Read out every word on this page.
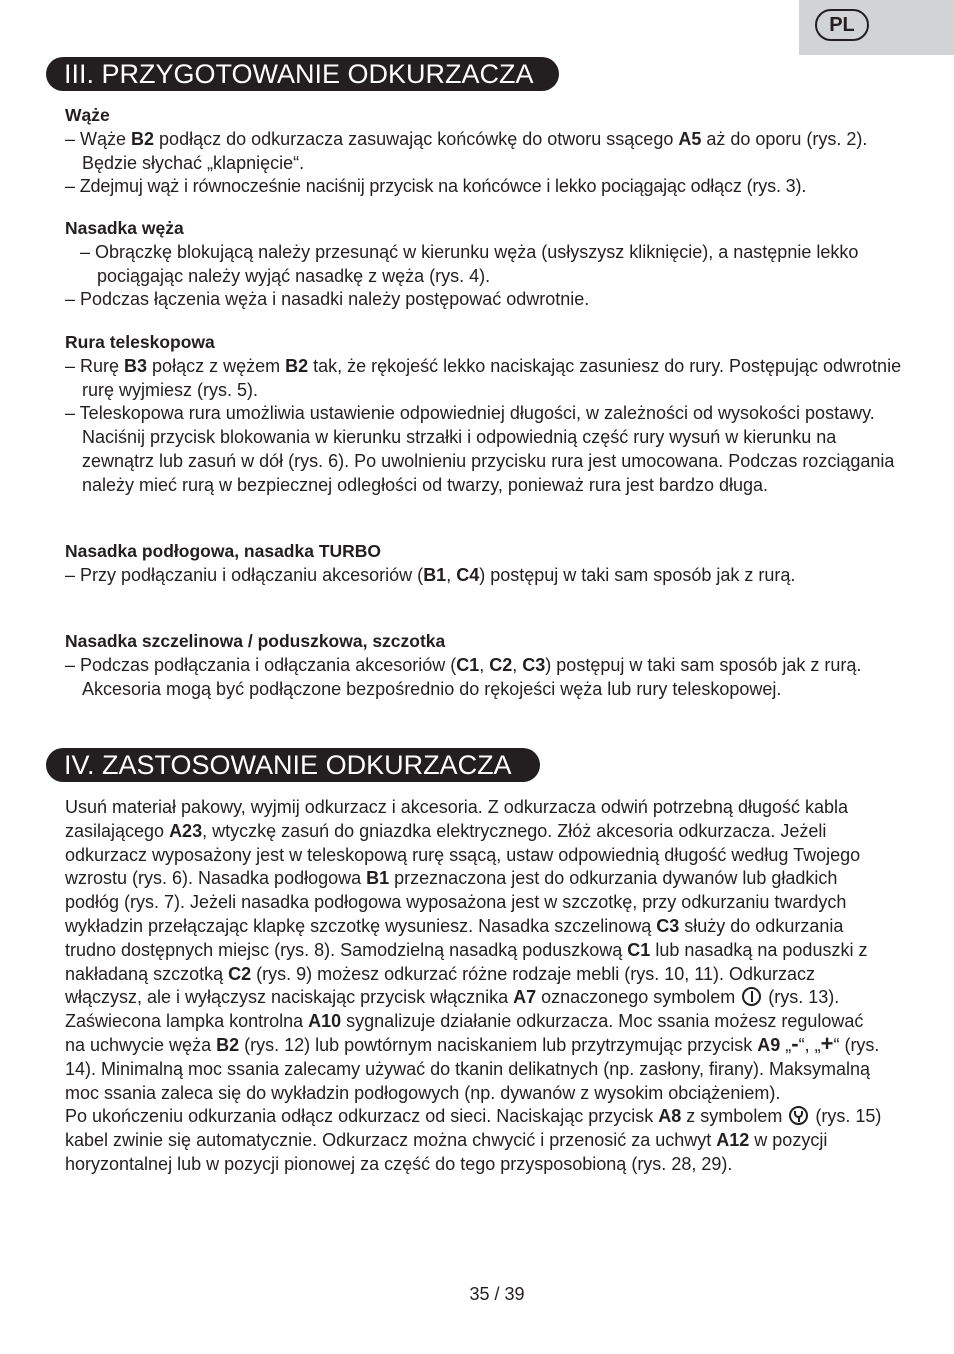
PL
III. PRZYGOTOWANIE ODKURZACZA

Wąże

– Wąże B2 podłącz do odkurzacza zasuwając końcówkę do otworu ssącego A5 aż do oporu (rys. 2). Będzie słychać „klapnięcie“.

– Zdejmuj wąż i równocześnie naciśnij przycisk na końcówce i lekko pociągając odłącz (rys. 3).

Nasadka węża

– Obrączkę blokującą należy przesunąć w kierunku węża (usłyszysz kliknięcie), a następnie lekko pociągając należy wyjąć nasadkę z węża (rys. 4).

– Podczas łączenia węża i nasadki należy postępować odwrotnie.

Rura teleskopowa

– Rurę B3 połącz z wężem B2 tak, że rękojeść lekko naciskając zasuniesz do rury. Postępując odwrotnie rurę wyjmiesz (rys. 5).

– Teleskopowa rura umożliwia ustawienie odpowiedniej długości, w zależności od wysokości postawy. Naciśnij przycisk blokowania w kierunku strzałki i odpowiednią część rury wysuń w kierunku na zewnątrz lub zasuń w dół (rys. 6). Po uwolnieniu przycisku rura jest umocowana. Podczas rozciągania należy mieć rurą w bezpiecznej odległości od twarzy, ponieważ rura jest bardzo długa.

Nasadka podłogowa, nasadka TURBO

– Przy podłączaniu i odłączaniu akcesoriów (B1, C4) postępuj w taki sam sposób jak z rurą.

Nasadka szczelinowa / poduszkowa, szczotka

– Podczas podłączania i odłączania akcesoriów (C1, C2, C3) postępuj w taki sam sposób jak z rurą. Akcesoria mogą być podłączone bezpośrednio do rękojeści węża lub rury teleskopowej.

IV. ZASTOSOWANIE ODKURZACZA

Usuń materiał pakowy, wyjmij odkurzacz i akcesoria. Z odkurzacza odwiń potrzebną długość kabla zasilającego A23, wtyczkę zasuń do gniazdka elektrycznego. Złóż akcesoria odkurzacza. Jeżeli odkurzacz wyposażony jest w teleskopową rurę ssącą, ustaw odpowiednią długość według Twojego wzrostu (rys. 6). Nasadka podłogowa B1 przeznaczona jest do odkurzania dywanów lub gładkich podłóg (rys. 7). Jeżeli nasadka podłogowa wyposażona jest w szczotkę, przy odkurzaniu twardych wykładzin przełączając klapkę szczotkę wysuniesz. Nasadka szczelinową C3 służy do odkurzania trudno dostępnych miejsc (rys. 8). Samodzielną nasadką poduszkową C1 lub nasadką na poduszki z nakładaną szczotką C2 (rys. 9) możesz odkurzać różne rodzaje mebli (rys. 10, 11). Odkurzacz włączysz, ale i wyłączysz naciskając przycisk włącznika A7 oznaczonego symbolem  (rys. 13). Zaświecona lampka kontrolna A10 sygnalizuje działanie odkurzacza. Moc ssania możesz regulować na uchwycie węża B2 (rys. 12) lub powtórnym naciskaniem lub przytrzymując przycisk A9 „-“, „+“ (rys. 14). Minimalną moc ssania zalecamy używać do tkanin delikatnych (np. zasłony, firany). Maksymalną moc ssania zaleca się do wykładzin podłogowych (np. dywanów z wysokim obciążeniem).

Po ukończeniu odkurzania odłącz odkurzacz od sieci. Naciskając przycisk A8 z symbolem  (rys. 15) kabel zwinie się automatycznie. Odkurzacz można chwycić i przenosić za uchwyt A12 w pozycji horyzontalnej lub w pozycji pionowej za część do tego przysposobioną (rys. 28, 29).

35 / 39
